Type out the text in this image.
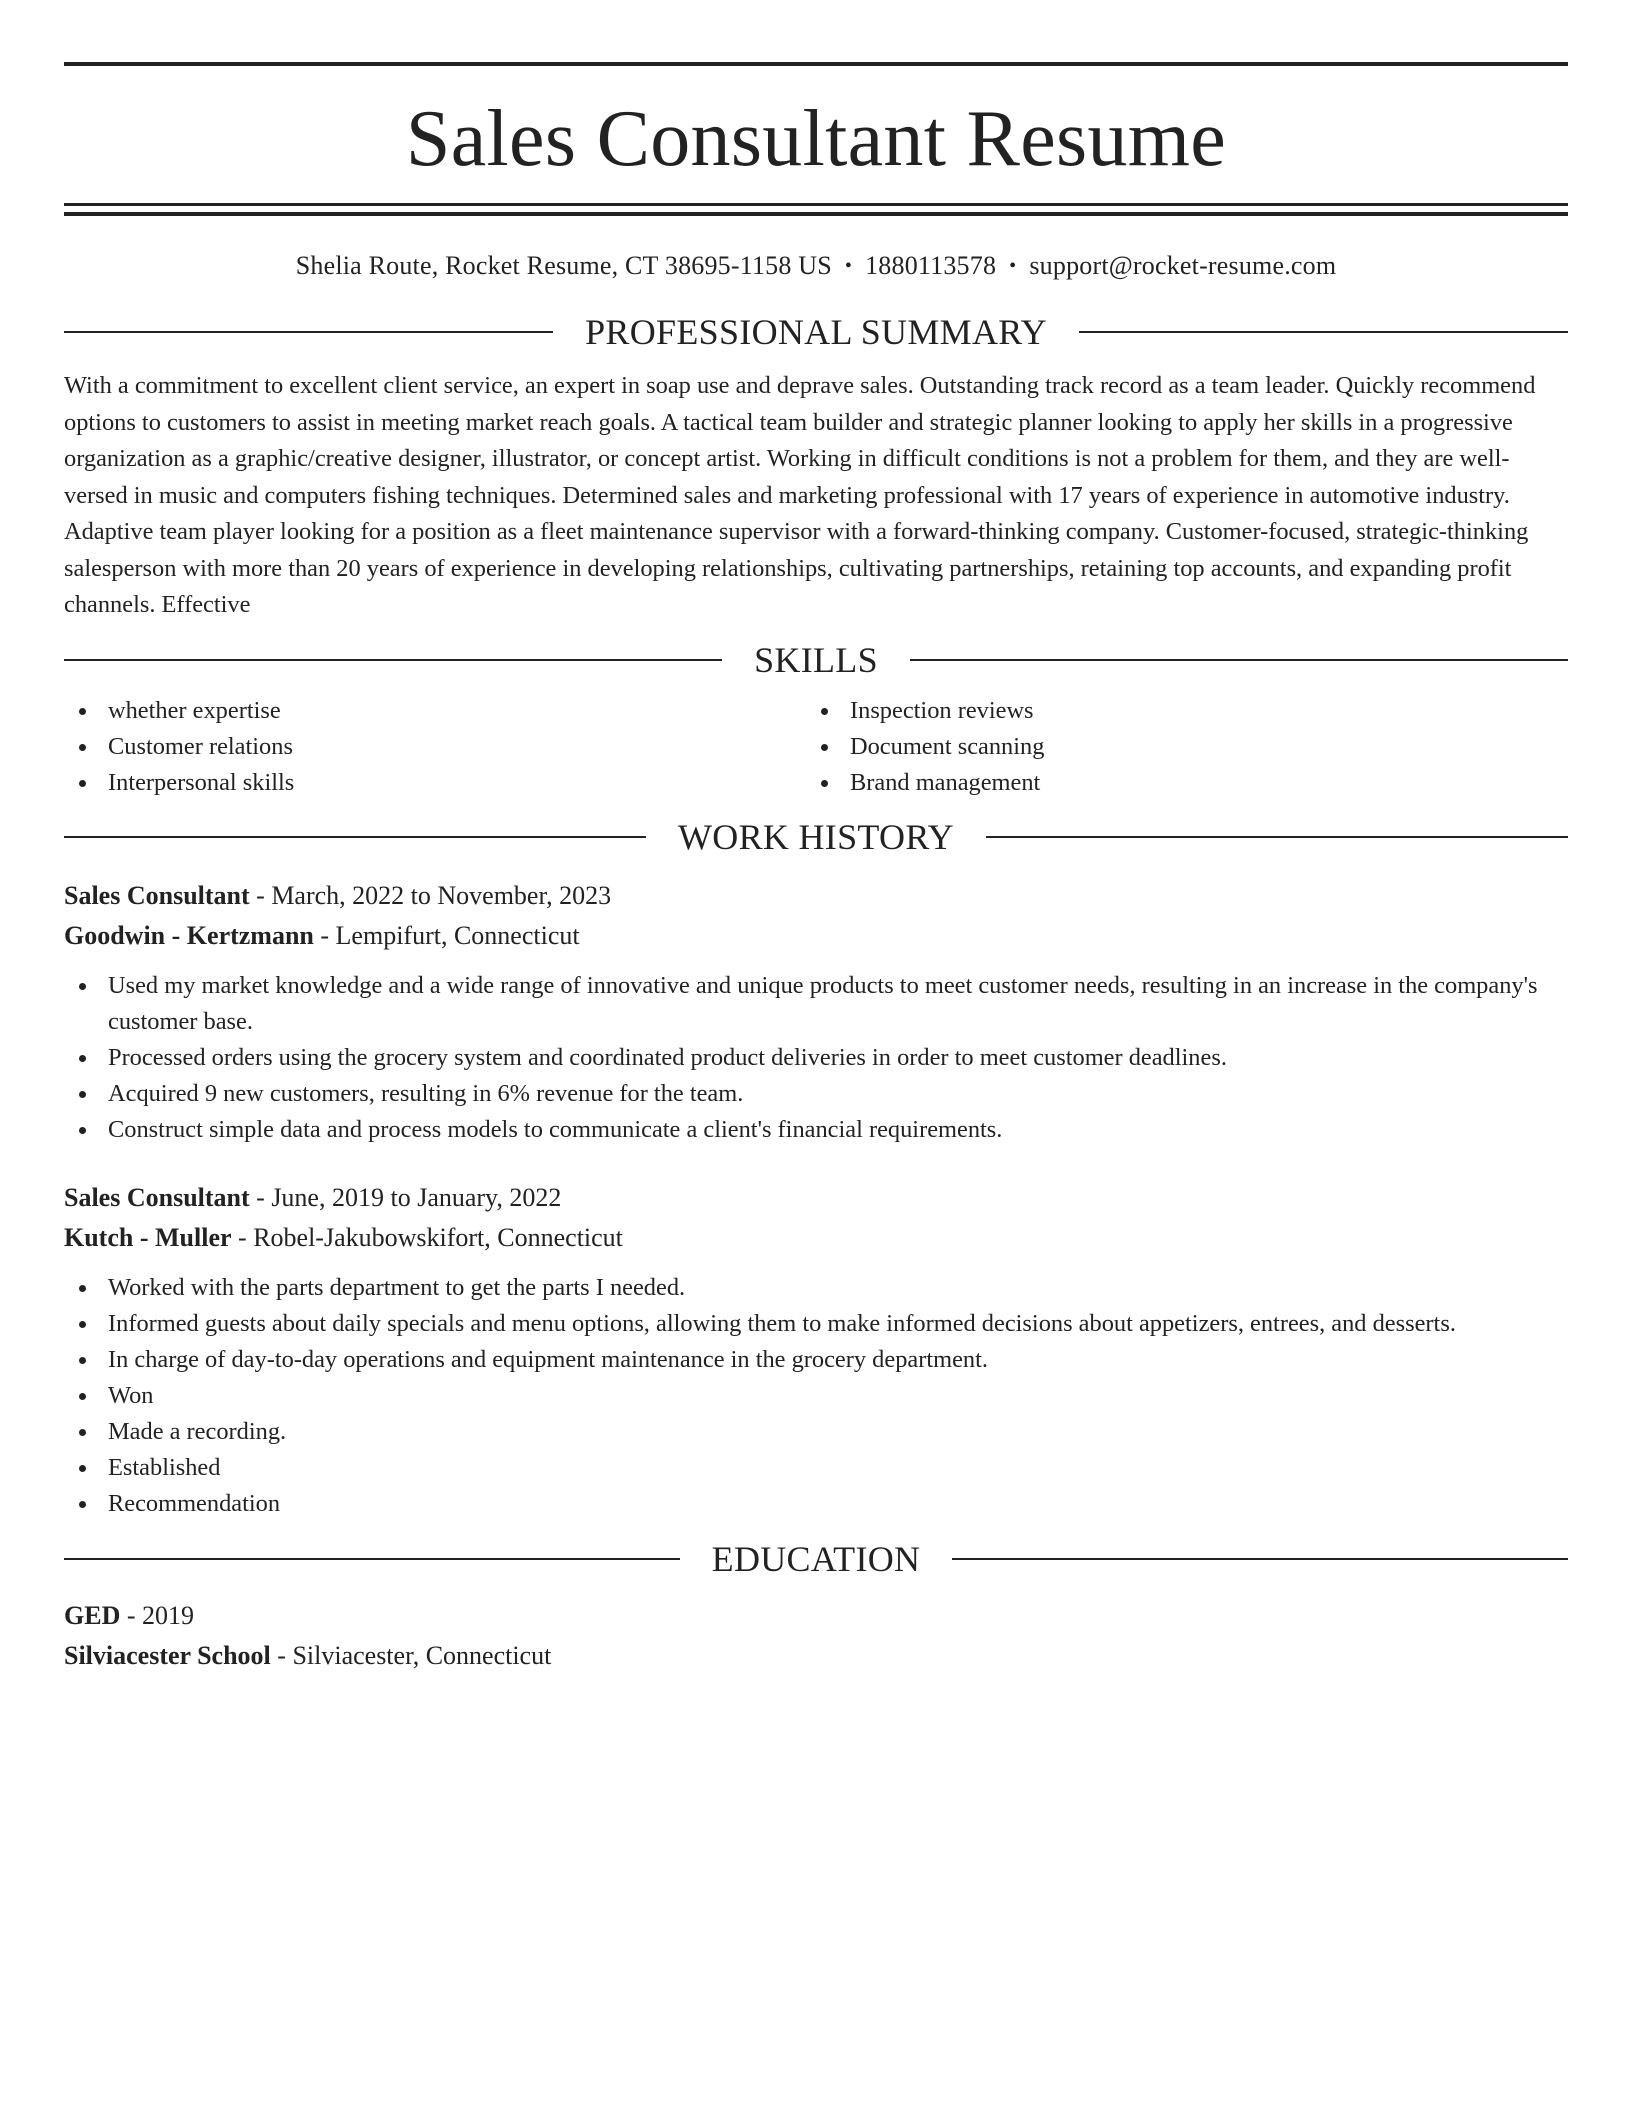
Sales Consultant Resume
Shelia Route, Rocket Resume, CT 38695-1158 US • 1880113578 • support@rocket-resume.com
PROFESSIONAL SUMMARY

With a commitment to excellent client service, an expert in soap use and deprave sales. Outstanding track record as a team leader. Quickly recommend options to customers to assist in meeting market reach goals. A tactical team builder and strategic planner looking to apply her skills in a progressive organization as a graphic/creative designer, illustrator, or concept artist. Working in difficult conditions is not a problem for them, and they are well-versed in music and computers fishing techniques. Determined sales and marketing professional with 17 years of experience in automotive industry. Adaptive team player looking for a position as a fleet maintenance supervisor with a forward-thinking company. Customer-focused, strategic-thinking salesperson with more than 20 years of experience in developing relationships, cultivating partnerships, retaining top accounts, and expanding profit channels. Effective

SKILLS
whether expertise
Customer relations
Interpersonal skills
Inspection reviews
Document scanning
Brand management
WORK HISTORY
Sales Consultant - March, 2022 to November, 2023
Goodwin - Kertzmann - Lempifurt, Connecticut
Used my market knowledge and a wide range of innovative and unique products to meet customer needs, resulting in an increase in the company's customer base.
Processed orders using the grocery system and coordinated product deliveries in order to meet customer deadlines.
Acquired 9 new customers, resulting in 6% revenue for the team.
Construct simple data and process models to communicate a client's financial requirements.
Sales Consultant - June, 2019 to January, 2022
Kutch - Muller - Robel-Jakubowskifort, Connecticut
Worked with the parts department to get the parts I needed.
Informed guests about daily specials and menu options, allowing them to make informed decisions about appetizers, entrees, and desserts.
In charge of day-to-day operations and equipment maintenance in the grocery department.
Won
Made a recording.
Established
Recommendation
EDUCATION
GED - 2019
Silviacester School - Silviacester, Connecticut
